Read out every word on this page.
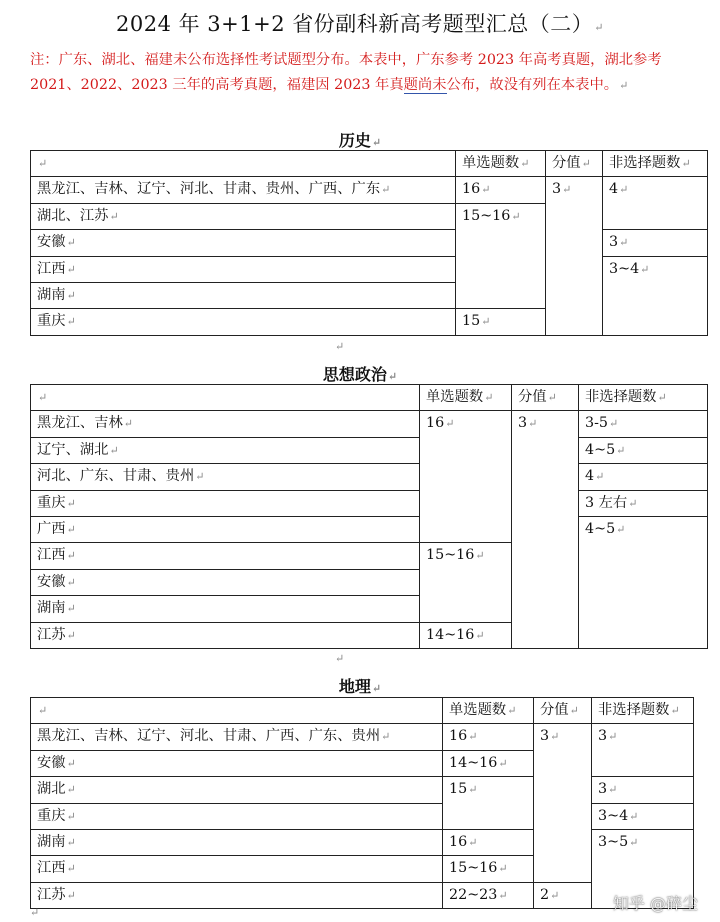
2024 年 3+1+2 省份副科新高考题型汇总（二）↵
注：广东、湖北、福建未公布选择性考试题型分布。本表中，广东参考 2023 年高考真题，湖北参考 2021、2022、2023 三年的高考真题，福建因 2023 年真题尚未公布，故没有列在本表中。↵
历史↵
↵	单选题数↵	分值↵	非选择题数↵
黑龙江、吉林、辽宁、河北、甘肃、贵州、广西、广东↵	16↵	3↵	4↵
湖北、江苏↵	15~16↵		
安徽↵			3↵
江西↵			3~4↵
湖南↵			
重庆↵	15↵		
↵
思想政治↵
↵	单选题数↵	分值↵	非选择题数↵
黑龙江、吉林↵	16↵	3↵	3-5↵
辽宁、湖北↵			4~5↵
河北、广东、甘肃、贵州↵			4↵
重庆↵			3 左右↵
广西↵			4~5↵
江西↵	15~16↵		
安徽↵			
湖南↵			
江苏↵	14~16↵		
↵
地理↵
↵	单选题数↵	分值↵	非选择题数↵
黑龙江、吉林、辽宁、河北、甘肃、广西、广东、贵州↵	16↵	3↵	3↵
安徽↵	14~16↵		
湖北↵	15↵		3↵
重庆↵			3~4↵
湖南↵	16↵		3~5↵
江西↵	15~16↵		
江苏↵	22~23↵	2↵	
↵	知乎 @碎尘
